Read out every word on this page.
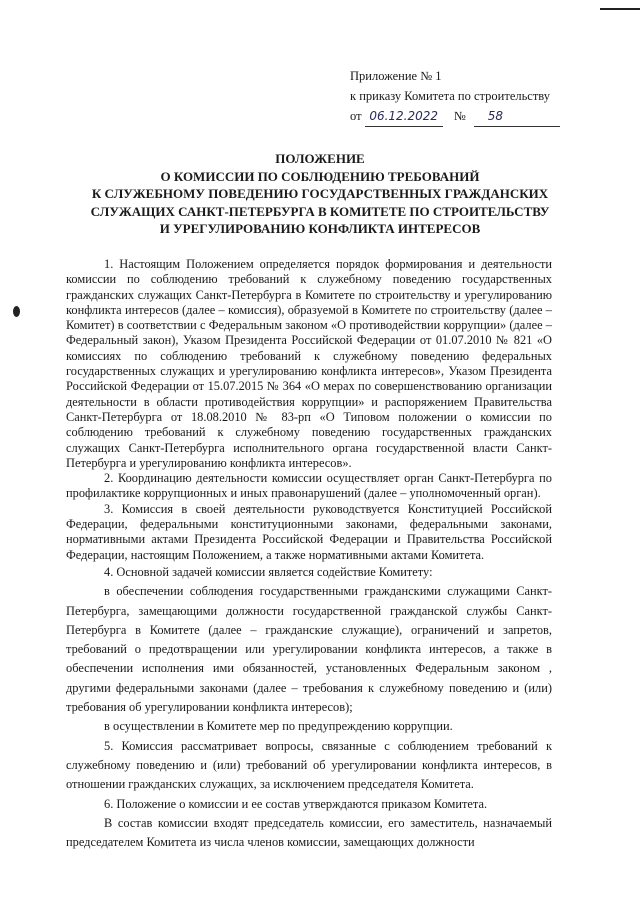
Приложение № 1
к приказу Комитета по строительству
от 06.12.2022 № 58
ПОЛОЖЕНИЕ
О КОМИССИИ ПО СОБЛЮДЕНИЮ ТРЕБОВАНИЙ
К СЛУЖЕБНОМУ ПОВЕДЕНИЮ ГОСУДАРСТВЕННЫХ ГРАЖДАНСКИХ
СЛУЖАЩИХ САНКТ-ПЕТЕРБУРГА В КОМИТЕТЕ ПО СТРОИТЕЛЬСТВУ
И УРЕГУЛИРОВАНИЮ КОНФЛИКТА ИНТЕРЕСОВ

1. Настоящим Положением определяется порядок формирования и деятельности комиссии по соблюдению требований к служебному поведению государственных гражданских служащих Санкт-Петербурга в Комитете по строительству и урегулированию конфликта интересов (далее – комиссия), образуемой в Комитете по строительству (далее – Комитет) в соответствии с Федеральным законом «О противодействии коррупции» (далее – Федеральный закон), Указом Президента Российской Федерации от 01.07.2010 № 821 «О комиссиях по соблюдению требований к служебному поведению федеральных государственных служащих и урегулированию конфликта интересов», Указом Президента Российской Федерации от 15.07.2015 № 364 «О мерах по совершенствованию организации деятельности в области противодействия коррупции» и распоряжением Правительства Санкт-Петербурга от 18.08.2010 № 83-рп «О Типовом положении о комиссии по соблюдению требований к служебному поведению государственных гражданских служащих Санкт-Петербурга исполнительного органа государственной власти Санкт-Петербурга и урегулированию конфликта интересов».

2. Координацию деятельности комиссии осуществляет орган Санкт-Петербурга по профилактике коррупционных и иных правонарушений (далее – уполномоченный орган).

3. Комиссия в своей деятельности руководствуется Конституцией Российской Федерации, федеральными конституционными законами, федеральными законами, нормативными актами Президента Российской Федерации и Правительства Российской Федерации, настоящим Положением, а также нормативными актами Комитета.

4. Основной задачей комиссии является содействие Комитету:

в обеспечении соблюдения государственными гражданскими служащими Санкт-Петербурга, замещающими должности государственной гражданской службы Санкт-Петербурга в Комитете (далее – гражданские служащие), ограничений и запретов, требований о предотвращении или урегулировании конфликта интересов, а также в обеспечении исполнения ими обязанностей, установленных Федеральным законом , другими федеральными законами (далее – требования к служебному поведению и (или) требования об урегулировании конфликта интересов);

в осуществлении в Комитете мер по предупреждению коррупции.

5. Комиссия рассматривает вопросы, связанные с соблюдением требований к служебному поведению и (или) требований об урегулировании конфликта интересов, в отношении гражданских служащих, за исключением председателя Комитета.

6. Положение о комиссии и ее состав утверждаются приказом Комитета.

В состав комиссии входят председатель комиссии, его заместитель, назначаемый председателем Комитета из числа членов комиссии, замещающих должности
